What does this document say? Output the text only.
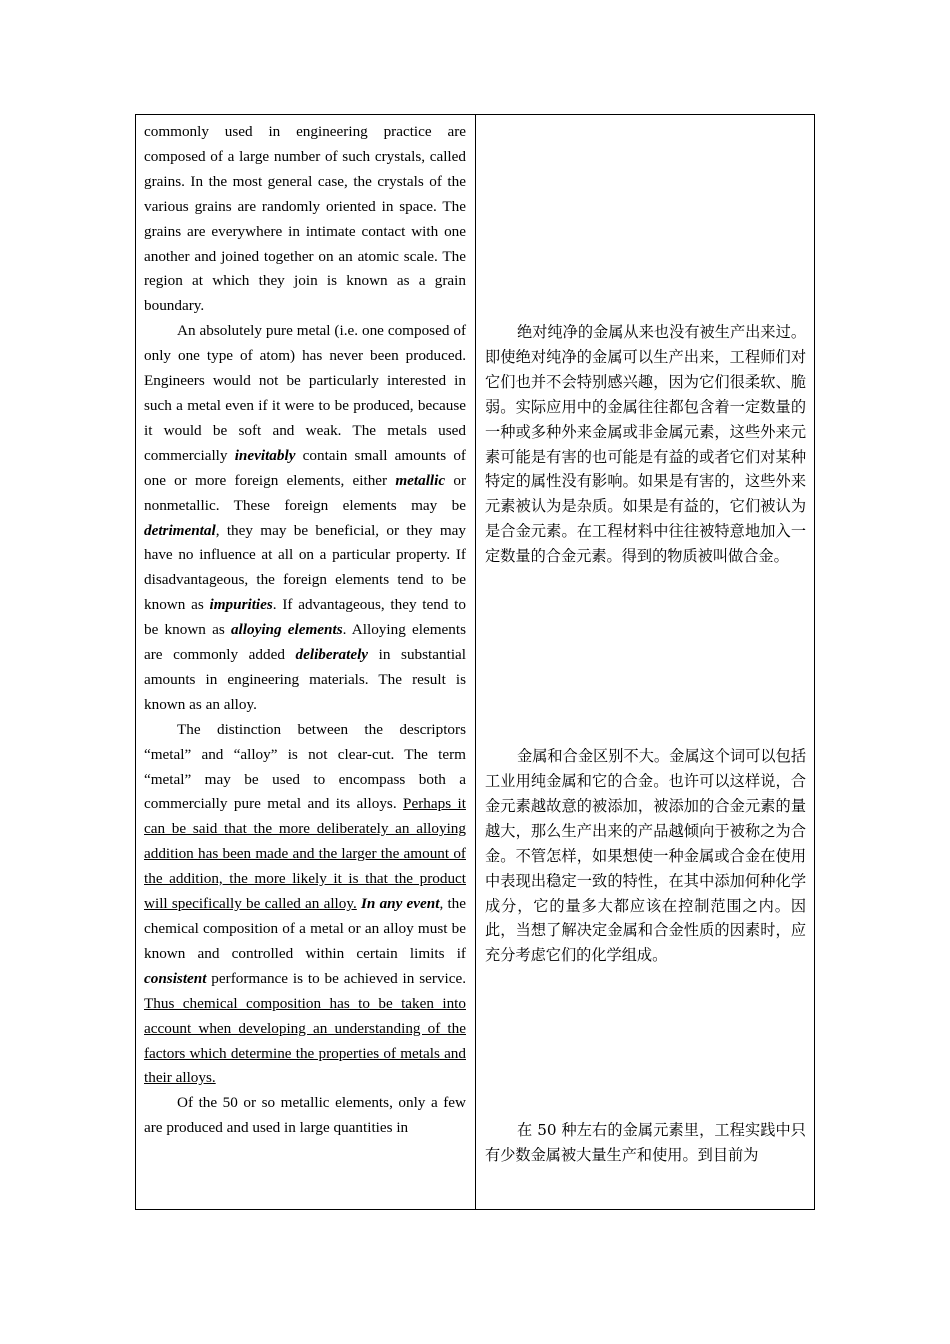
commonly used in engineering practice are composed of a large number of such crystals, called grains. In the most general case, the crystals of the various grains are randomly oriented in space. The grains are everywhere in intimate contact with one another and joined together on an atomic scale. The region at which they join is known as a grain boundary.

An absolutely pure metal (i.e. one composed of only one type of atom) has never been produced. Engineers would not be particularly interested in such a metal even if it were to be produced, because it would be soft and weak. The metals used commercially inevitably contain small amounts of one or more foreign elements, either metallic or nonmetallic. These foreign elements may be detrimental, they may be beneficial, or they may have no influence at all on a particular property. If disadvantageous, the foreign elements tend to be known as impurities. If advantageous, they tend to be known as alloying elements. Alloying elements are commonly added deliberately in substantial amounts in engineering materials. The result is known as an alloy.

The distinction between the descriptors “metal” and “alloy” is not clear-cut. The term “metal” may be used to encompass both a commercially pure metal and its alloys. Perhaps it can be said that the more deliberately an alloying addition has been made and the larger the amount of the addition, the more likely it is that the product will specifically be called an alloy. In any event, the chemical composition of a metal or an alloy must be known and controlled within certain limits if consistent performance is to be achieved in service. Thus chemical composition has to be taken into account when developing an understanding of the factors which determine the properties of metals and their alloys.

Of the 50 or so metallic elements, only a few are produced and used in large quantities in

绝对纯净的金属从来也没有被生产出来过。即使绝对纯净的金属可以生产出来，工程师们对它们也并不会特别感兴趣，因为它们很柔软、脆弱。实际应用中的金属往往都包含着一定数量的一种或多种外来金属或非金属元素，这些外来元素可能是有害的也可能是有益的或者它们对某种特定的属性没有影响。如果是有害的，这些外来元素被认为是杂质。如果是有益的，它们被认为是合金元素。在工程材料中往往被特意地加入一定数量的合金元素。得到的物质被叫做合金。

金属和合金区别不大。金属这个词可以包括工业用纯金属和它的合金。也许可以这样说，合金元素越故意的被添加，被添加的合金元素的量越大，那么生产出来的产品越倾向于被称之为合金。不管怎样，如果想使一种金属或合金在使用中表现出稳定一致的特性，在其中添加何种化学成分，它的量多大都应该在控制范围之内。因此，当想了解决定金属和合金性质的因素时，应充分考虑它们的化学组成。

在 50 种左右的金属元素里，工程实践中只有少数金属被大量生产和使用。到目前为
